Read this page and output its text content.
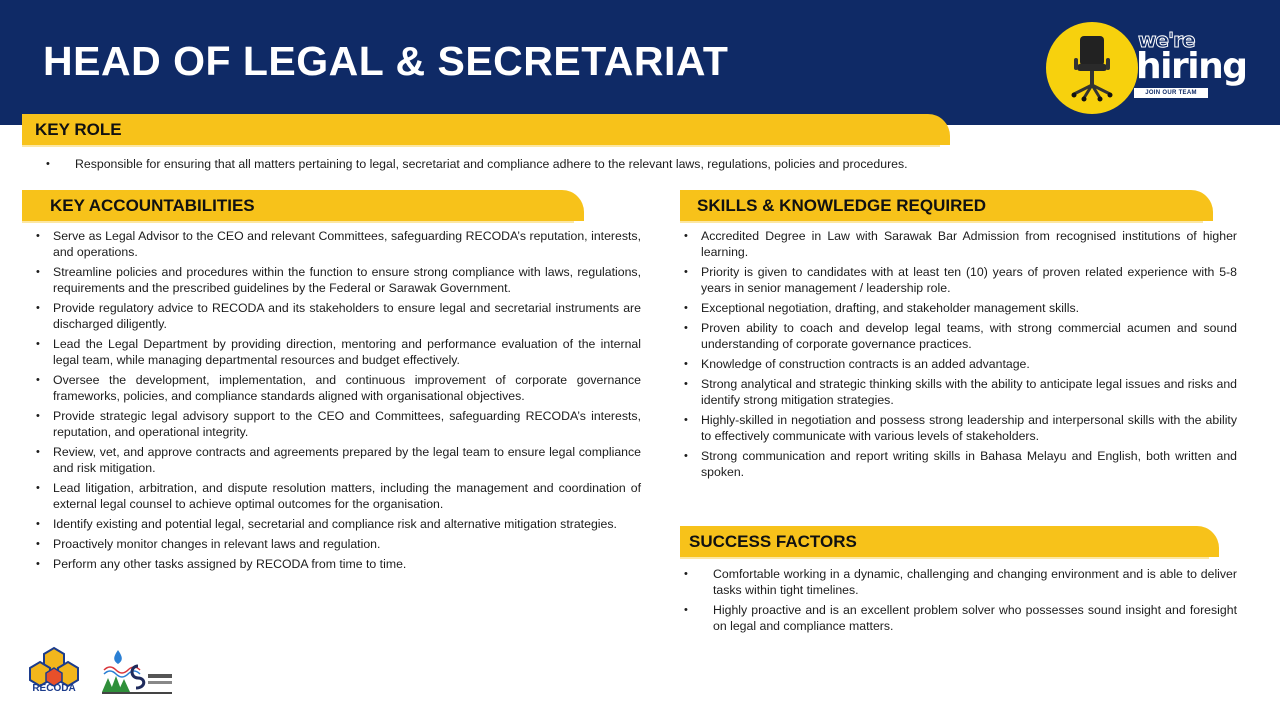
HEAD OF LEGAL & SECRETARIAT	we're
hiring
JOIN OUR TEAM
KEY ROLE
• Responsible for ensuring that all matters pertaining to legal, secretariat and compliance adhere to the relevant laws, regulations, policies and procedures.
KEY ACCOUNTABILITIES
• Serve as Legal Advisor to the CEO and relevant Committees, safeguarding RECODA’s reputation, interests, and operations.
• Streamline policies and procedures within the function to ensure strong compliance with laws, regulations, requirements and the prescribed guidelines by the Federal or Sarawak Government.
• Provide regulatory advice to RECODA and its stakeholders to ensure legal and secretarial instruments are discharged diligently.
• Lead the Legal Department by providing direction, mentoring and performance evaluation of the internal legal team, while managing departmental resources and budget effectively.
• Oversee the development, implementation, and continuous improvement of corporate governance frameworks, policies, and compliance standards aligned with organisational objectives.
• Provide strategic legal advisory support to the CEO and Committees, safeguarding RECODA’s interests, reputation, and operational integrity.
• Review, vet, and approve contracts and agreements prepared by the legal team to ensure legal compliance and risk mitigation.
• Lead litigation, arbitration, and dispute resolution matters, including the management and coordination of external legal counsel to achieve optimal outcomes for the organisation.
• Identify existing and potential legal, secretarial and compliance risk and alternative mitigation strategies.
• Proactively monitor changes in relevant laws and regulation.
• Perform any other tasks assigned by RECODA from time to time.
SKILLS & KNOWLEDGE REQUIRED
• Accredited Degree in Law with Sarawak Bar Admission from recognised institutions of higher learning.
• Priority is given to candidates with at least ten (10) years of proven related experience with 5-8 years in senior management / leadership role.
• Exceptional negotiation, drafting, and stakeholder management skills.
• Proven ability to coach and develop legal teams, with strong commercial acumen and sound understanding of corporate governance practices.
• Knowledge of construction contracts is an added advantage.
• Strong analytical and strategic thinking skills with the ability to anticipate legal issues and risks and identify strong mitigation strategies.
• Highly-skilled in negotiation and possess strong leadership and interpersonal skills with the ability to effectively communicate with various levels of stakeholders.
• Strong communication and report writing skills in Bahasa Melayu and English, both written and spoken.
SUCCESS FACTORS
• Comfortable working in a dynamic, challenging and changing environment and is able to deliver tasks within tight timelines.
• Highly proactive and is an excellent problem solver who possesses sound insight and foresight on legal and compliance matters.
RECODA
